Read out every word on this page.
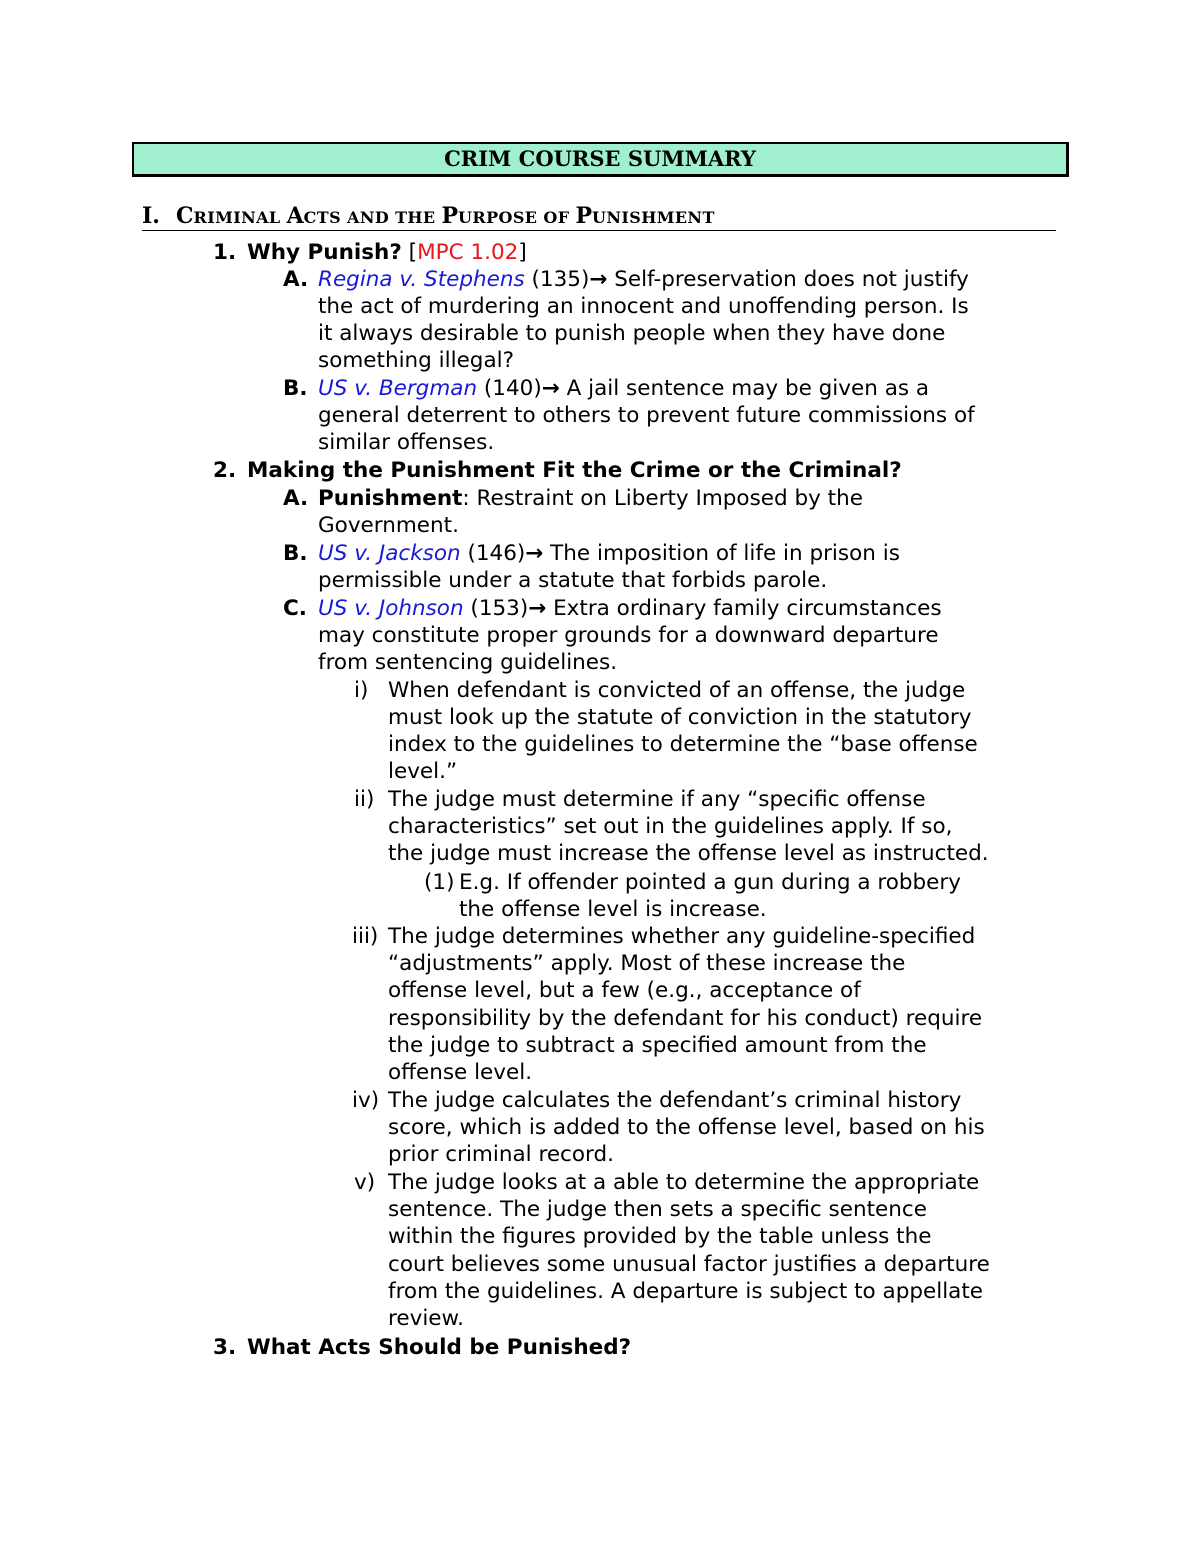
CRIM COURSE SUMMARY
I. CRIMINAL ACTS AND THE PURPOSE OF PUNISHMENT
1. Why Punish? [MPC 1.02]
A. Regina v. Stephens (135)→ Self-preservation does not justify
the act of murdering an innocent and unoffending person. Is
it always desirable to punish people when they have done
something illegal?
B. US v. Bergman (140)→ A jail sentence may be given as a
general deterrent to others to prevent future commissions of
similar offenses.
2. Making the Punishment Fit the Crime or the Criminal?
A. Punishment: Restraint on Liberty Imposed by the
Government.
B. US v. Jackson (146)→ The imposition of life in prison is
permissible under a statute that forbids parole.
C. US v. Johnson (153)→ Extra ordinary family circumstances
may constitute proper grounds for a downward departure
from sentencing guidelines.
i) When defendant is convicted of an offense, the judge
must look up the statute of conviction in the statutory
index to the guidelines to determine the “base offense
level.”
ii) The judge must determine if any “specific offense
characteristics” set out in the guidelines apply. If so,
the judge must increase the offense level as instructed.
(1) E.g. If offender pointed a gun during a robbery
the offense level is increase.
iii) The judge determines whether any guideline-specified
“adjustments” apply. Most of these increase the
offense level, but a few (e.g., acceptance of
responsibility by the defendant for his conduct) require
the judge to subtract a specified amount from the
offense level.
iv) The judge calculates the defendant’s criminal history
score, which is added to the offense level, based on his
prior criminal record.
v) The judge looks at a able to determine the appropriate
sentence. The judge then sets a specific sentence
within the figures provided by the table unless the
court believes some unusual factor justifies a departure
from the guidelines. A departure is subject to appellate
review.
3. What Acts Should be Punished?
